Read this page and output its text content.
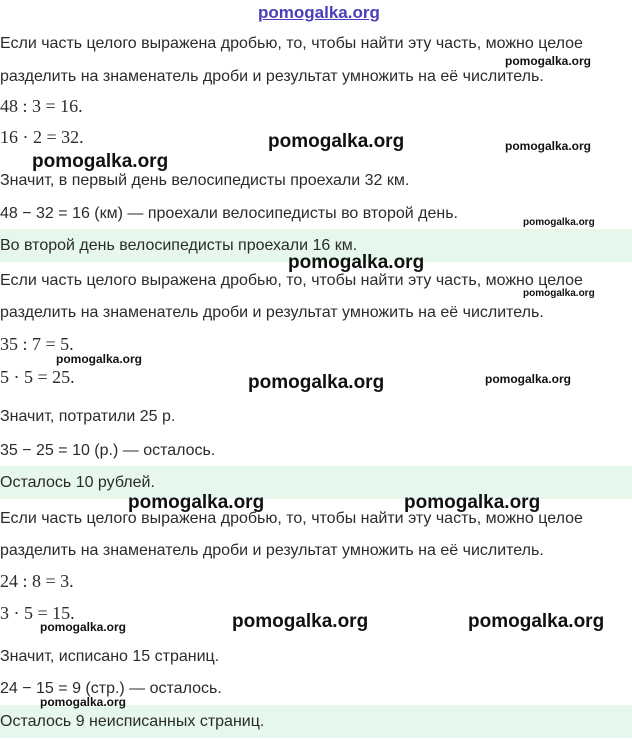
pomogalka.org
Если часть целого выражена дробью, то, чтобы найти эту часть, можно целое
разделить на знаменатель дроби и результат умножить на её числитель.
48 : 3 = 16.
16 · 2 = 32.
Значит, в первый день велосипедисты проехали 32 км.
48 − 32 = 16 (км) — проехали велосипедисты во второй день.
Во второй день велосипедисты проехали 16 км.
Если часть целого выражена дробью, то, чтобы найти эту часть, можно целое
разделить на знаменатель дроби и результат умножить на её числитель.
35 : 7 = 5.
5 · 5 = 25.
Значит, потратили 25 р.
35 − 25 = 10 (р.) — осталось.
Осталось 10 рублей.
Если часть целого выражена дробью, то, чтобы найти эту часть, можно целое
разделить на знаменатель дроби и результат умножить на её числитель.
24 : 8 = 3.
3 · 5 = 15.
Значит, исписано 15 страниц.
24 − 15 = 9 (стр.) — осталось.
Осталось 9 неисписанных страниц.
pomogalka.org
pomogalka.org	pomogalka.org
pomogalka.org
pomogalka.org
pomogalka.org
pomogalka.org
pomogalka.org
pomogalka.org	pomogalka.org
pomogalka.org	pomogalka.org
pomogalka.org	pomogalka.org
pomogalka.org
pomogalka.org
